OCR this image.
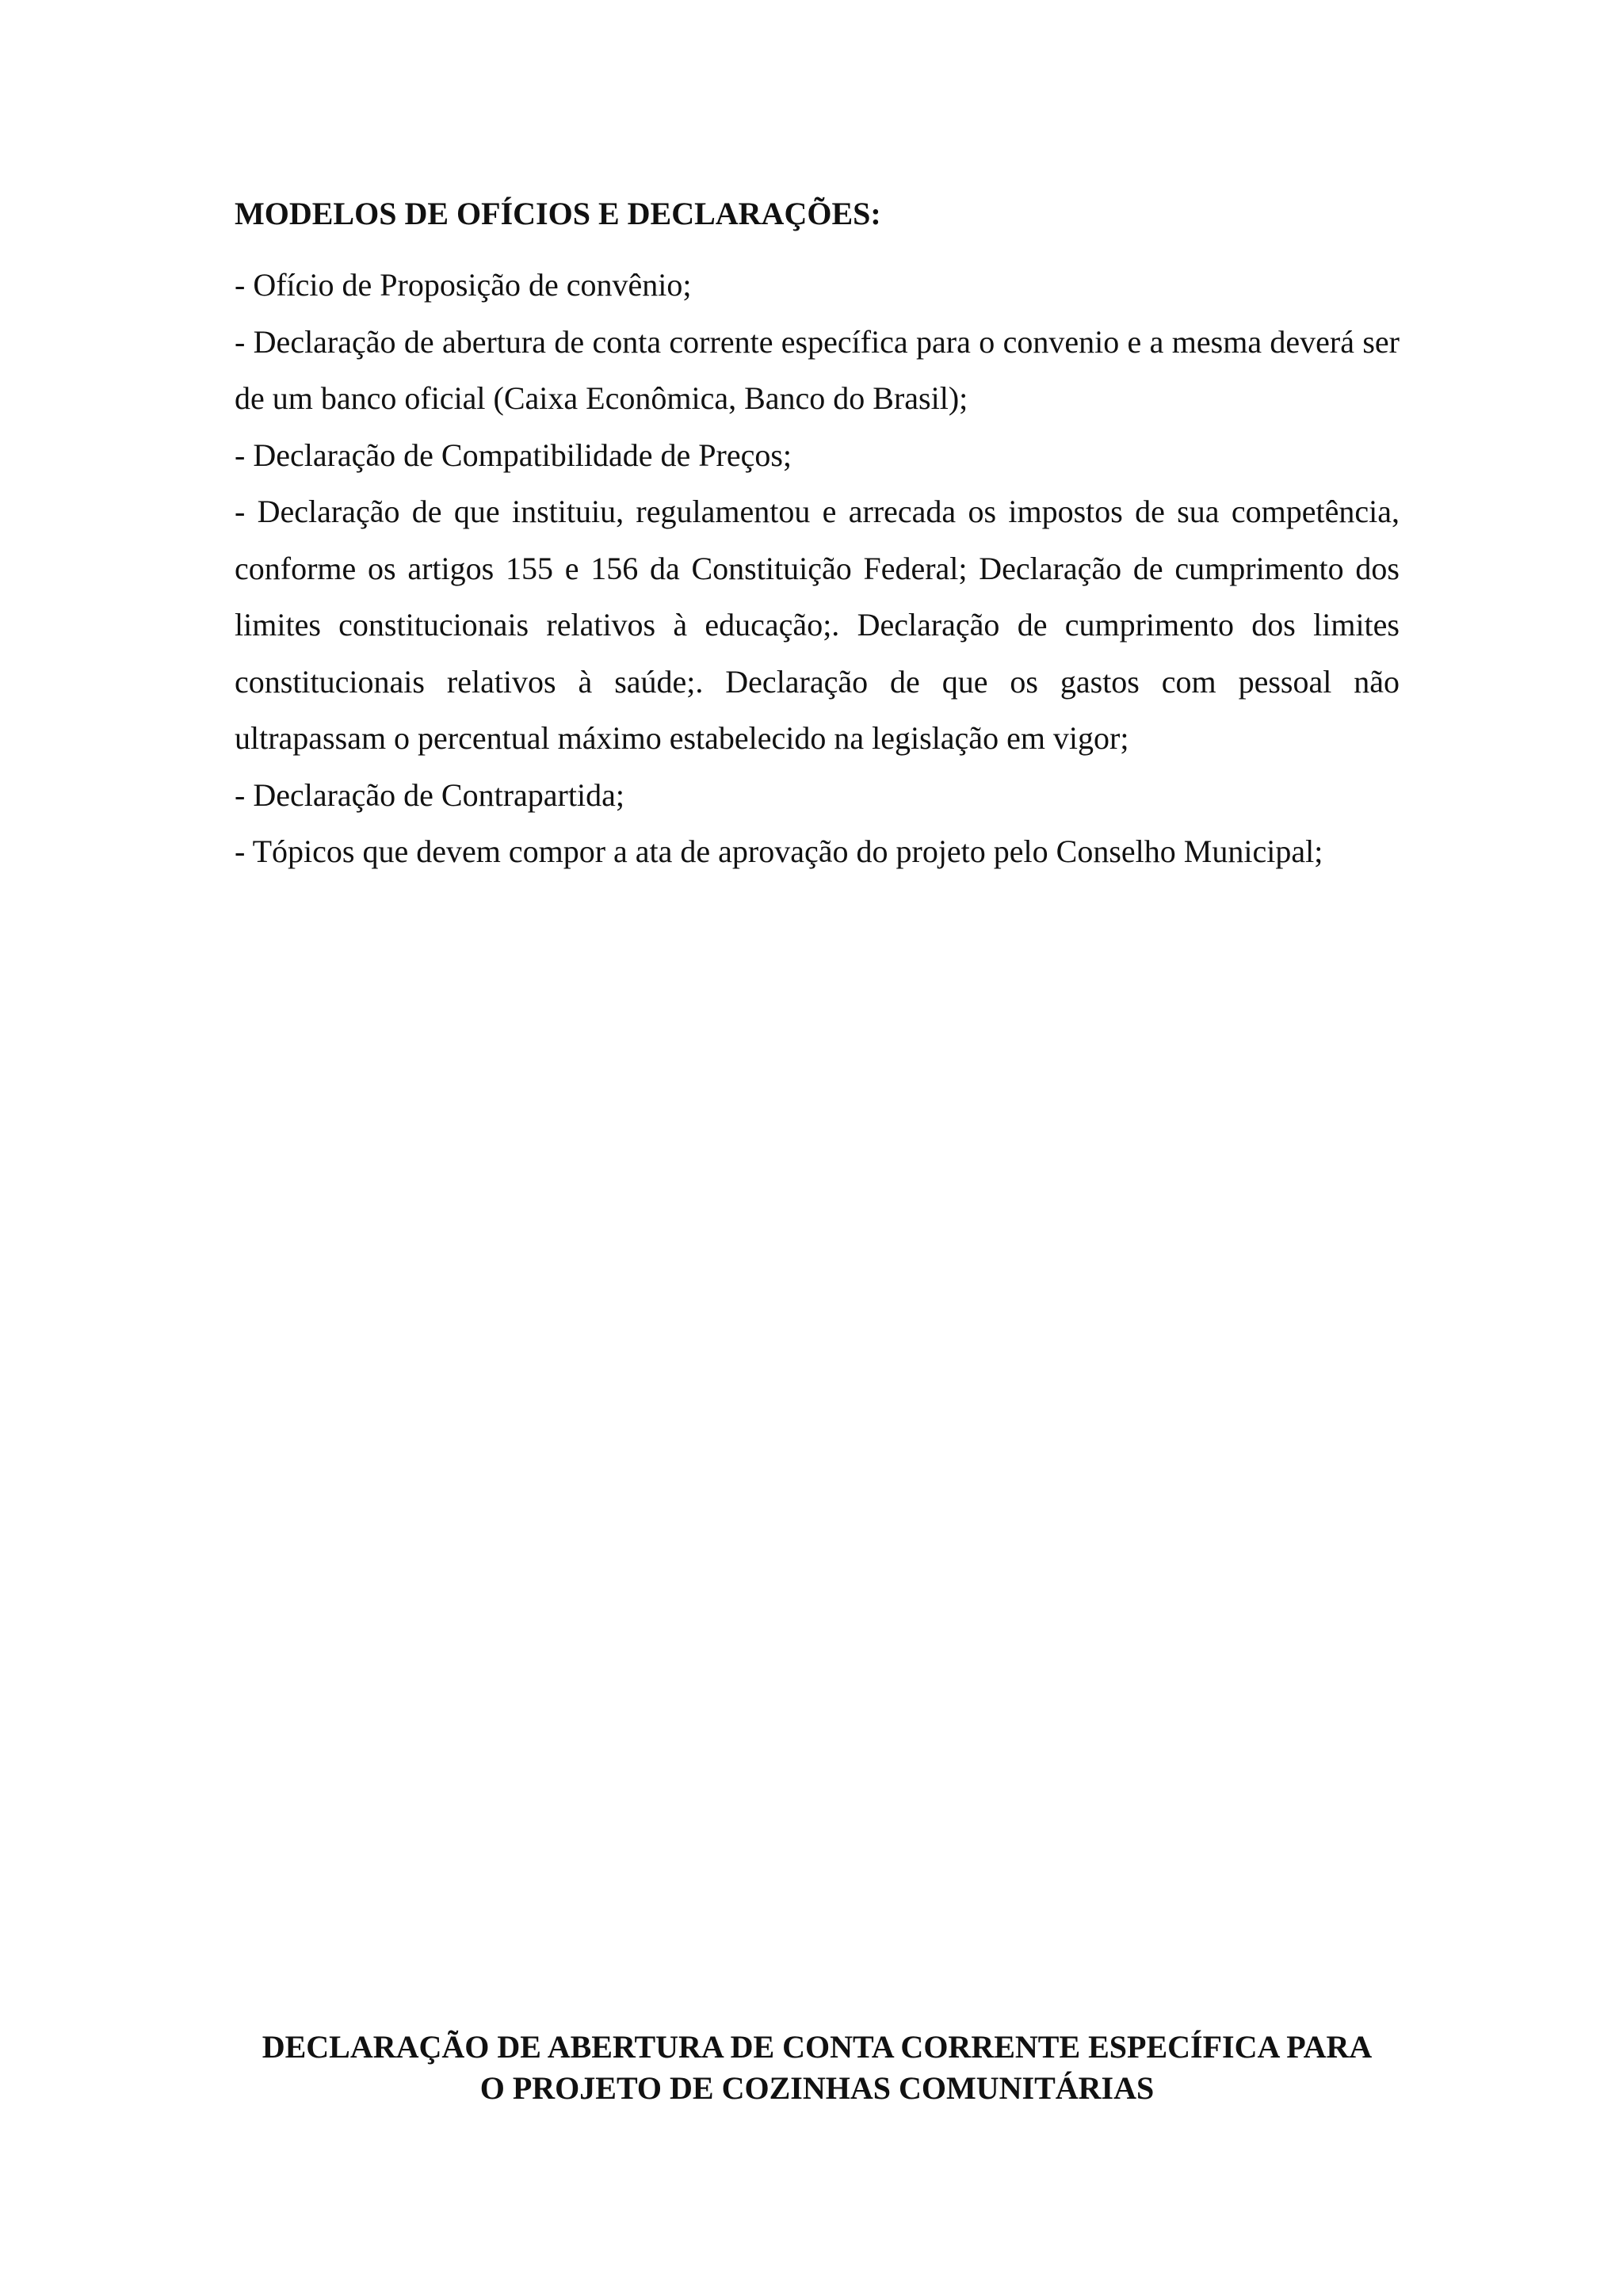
MODELOS DE OFÍCIOS E DECLARAÇÕES:

- Ofício de Proposição de convênio;

- Declaração de abertura de conta corrente específica para o convenio e a mesma deverá ser de um banco oficial (Caixa Econômica, Banco do Brasil);

- Declaração de Compatibilidade de Preços;

- Declaração de que instituiu, regulamentou e arrecada os impostos de sua competência, conforme os artigos 155 e 156 da Constituição Federal; Declaração de cumprimento dos limites constitucionais relativos à educação;. Declaração de cumprimento dos limites constitucionais relativos à saúde;. Declaração de que os gastos com pessoal não ultrapassam o percentual máximo estabelecido na legislação em vigor;

- Declaração de Contrapartida;

- Tópicos que devem compor a ata de aprovação do projeto pelo Conselho Municipal;

DECLARAÇÃO DE ABERTURA DE CONTA CORRENTE ESPECÍFICA PARA
O PROJETO DE COZINHAS COMUNITÁRIAS
